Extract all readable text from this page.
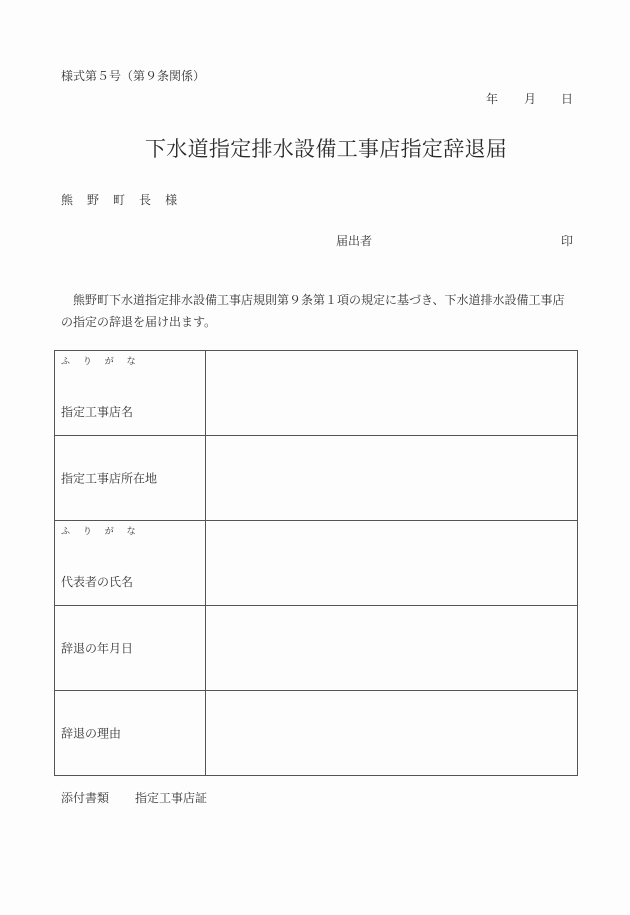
様式第５号（第９条関係）
年 月 日
下水道指定排水設備工事店指定辞退届
熊 野 町 長 様
届出者	印
熊野町下水道指定排水設備工事店規則第９条第１項の規定に基づき、下水道排水設備工事店の指定の辞退を届け出ます。
ふ り が な
指定工事店名	

指定工事店所在地	

ふ り が な
代表者の氏名	

辞退の年月日	

辞退の理由	

添付書類 指定工事店証
